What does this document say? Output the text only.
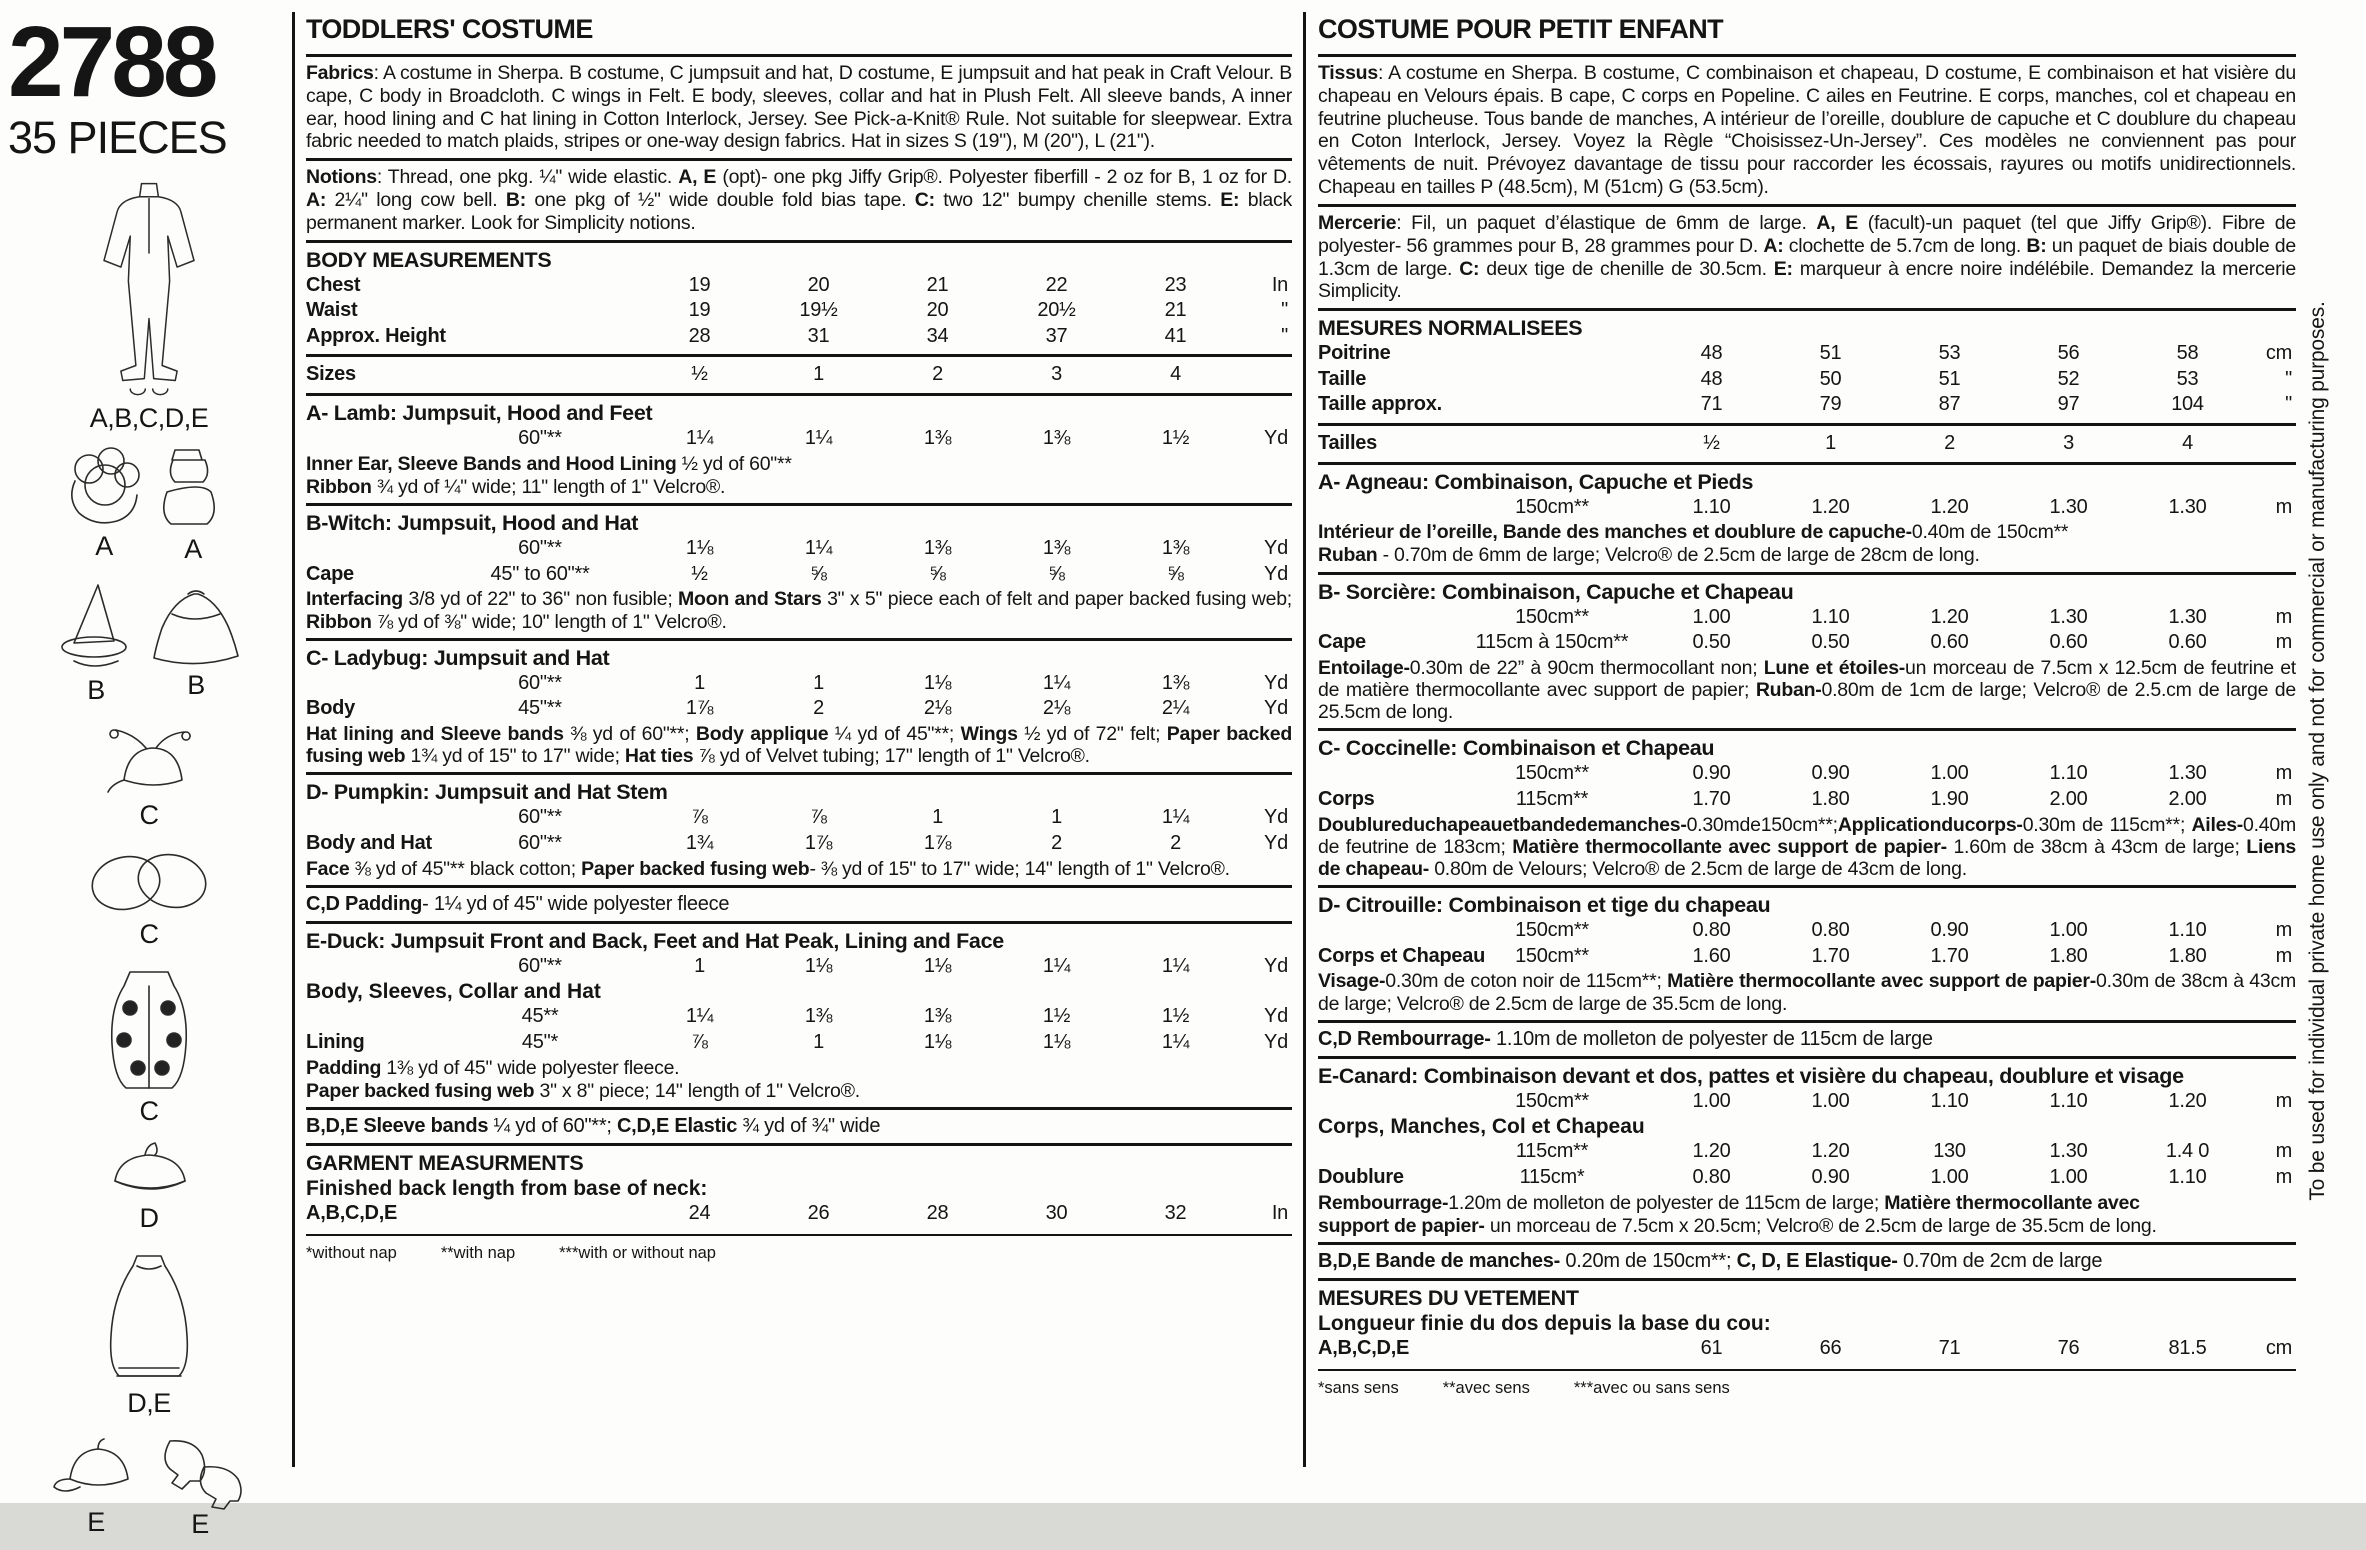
2788
35 PIECES
A,B,C,D,E
A	A
B	B
C
C
C
D
D,E
E	E
TODDLERS' COSTUME

Fabrics: A costume in Sherpa. B costume, C jumpsuit and hat, D costume, E jumpsuit and hat peak in Craft Velour. B cape, C body in Broadcloth. C wings in Felt. E body, sleeves, collar and hat in Plush Felt. All sleeve bands, A inner ear, hood lining and C hat lining in Cotton Interlock, Jersey. See Pick-a-Knit® Rule. Not suitable for sleepwear. Extra fabric needed to match plaids, stripes or one-way design fabrics. Hat in sizes S (19"), M (20"), L (21").

Notions: Thread, one pkg. ¼" wide elastic. A, E (opt)- one pkg Jiffy Grip®. Polyester fiberfill - 2 oz for B, 1 oz for D. A: 2¼" long cow bell. B: one pkg of ½" wide double fold bias tape. C: two 12" bumpy chenille stems. E: black permanent marker. Look for Simplicity notions.

BODY MEASUREMENTS
Chest	19	20	21	22	23	In
Waist	19	19½	20	20½	21	"
Approx. Height	28	31	34	37	41	"
Sizes	½	1	2	3	4
A- Lamb: Jumpsuit, Hood and Feet
60"**	1¼	1¼	1⅜	1⅜	1½	Yd

Inner Ear, Sleeve Bands and Hood Lining ½ yd of 60"**

Ribbon ¾ yd of ¼" wide; 11" length of 1" Velcro®.

B-Witch: Jumpsuit, Hood and Hat
60"**	1⅛	1¼	1⅜	1⅜	1⅜	Yd
Cape	45" to 60"**	½	⅝	⅝	⅝	⅝	Yd

Interfacing 3/8 yd of 22" to 36" non fusible; Moon and Stars 3" x 5" piece each of felt and paper backed fusing web; Ribbon ⅞ yd of ⅜" wide; 10" length of 1" Velcro®.

C- Ladybug: Jumpsuit and Hat
60"**	1	1	1⅛	1¼	1⅜	Yd
Body	45"**	1⅞	2	2⅛	2⅛	2¼	Yd

Hat lining and Sleeve bands ⅜ yd of 60"**; Body applique ¼ yd of 45"**; Wings ½ yd of 72" felt; Paper backed fusing web 1¾ yd of 15" to 17" wide; Hat ties ⅞ yd of Velvet tubing; 17" length of 1" Velcro®.

D- Pumpkin: Jumpsuit and Hat Stem
60"**	⅞	⅞	1	1	1¼	Yd
Body and Hat	60"**	1¾	1⅞	1⅞	2	2	Yd

Face ⅜ yd of 45"** black cotton; Paper backed fusing web- ⅜ yd of 15" to 17" wide; 14" length of 1" Velcro®.

C,D Padding- 1¼ yd of 45" wide polyester fleece

E-Duck: Jumpsuit Front and Back, Feet and Hat Peak, Lining and Face
60"**	1	1⅛	1⅛	1¼	1¼	Yd
Body, Sleeves, Collar and Hat
45**	1¼	1⅜	1⅜	1½	1½	Yd
Lining	45"*	⅞	1	1⅛	1⅛	1¼	Yd

Padding 1⅜ yd of 45" wide polyester fleece.

Paper backed fusing web 3" x 8" piece; 14" length of 1" Velcro®.

B,D,E Sleeve bands ¼ yd of 60"**; C,D,E Elastic ¾ yd of ¾" wide

GARMENT MEASURMENTS
Finished back length from base of neck:
A,B,C,D,E	24	26	28	30	32	In
*without nap	**with nap	***with or without nap
COSTUME POUR PETIT ENFANT

Tissus: A costume en Sherpa. B costume, C combinaison et chapeau, D costume, E combinaison et hat visière du chapeau en Velours épais. B cape, C corps en Popeline. C ailes en Feutrine. E corps, manches, col et chapeau en feutrine plucheuse. Tous bande de manches, A intérieur de l’oreille, doublure de capuche et C doublure du chapeau en Coton Interlock, Jersey. Voyez la Règle “Choisissez-Un-Jersey”. Ces modèles ne conviennent pas pour vêtements de nuit. Prévoyez davantage de tissu pour raccorder les écossais, rayures ou motifs unidirectionnels. Chapeau en tailles P (48.5cm), M (51cm) G (53.5cm).

Mercerie: Fil, un paquet d’élastique de 6mm de large. A, E (facult)-un paquet (tel que Jiffy Grip®). Fibre de polyester- 56 grammes pour B, 28 grammes pour D. A: clochette de 5.7cm de long. B: un paquet de biais double de 1.3cm de large. C: deux tige de chenille de 30.5cm. E: marqueur à encre noire indélébile. Demandez la mercerie Simplicity.

MESURES NORMALISEES
Poitrine	48	51	53	56	58	cm
Taille	48	50	51	52	53	"
Taille approx.	71	79	87	97	104	"
Tailles	½	1	2	3	4
A- Agneau: Combinaison, Capuche et Pieds
150cm**	1.10	1.20	1.20	1.30	1.30	m

Intérieur de l’oreille, Bande des manches et doublure de capuche-0.40m de 150cm**

Ruban - 0.70m de 6mm de large; Velcro® de 2.5cm de large de 28cm de long.

B- Sorcière: Combinaison, Capuche et Chapeau
150cm**	1.00	1.10	1.20	1.30	1.30	m
Cape	115cm à 150cm**	0.50	0.50	0.60	0.60	0.60	m

Entoilage-0.30m de 22” à 90cm thermocollant non; Lune et étoiles-un morceau de 7.5cm x 12.5cm de feutrine et de matière thermocollante avec support de papier; Ruban-0.80m de 1cm de large; Velcro® de 2.5.cm de large de 25.5cm de long.

C- Coccinelle: Combinaison et Chapeau
150cm**	0.90	0.90	1.00	1.10	1.30	m
Corps	115cm**	1.70	1.80	1.90	2.00	2.00	m

Doublureduchapeauetbandedemanches-0.30mde150cm**;Applicationducorps-0.30m de 115cm**; Ailes-0.40m de feutrine de 183cm; Matière thermocollante avec support de papier- 1.60m de 38cm à 43cm de large; Liens de chapeau- 0.80m de Velours; Velcro® de 2.5cm de large de 43cm de long.

D- Citrouille: Combinaison et tige du chapeau
150cm**	0.80	0.80	0.90	1.00	1.10	m
Corps et Chapeau	150cm**	1.60	1.70	1.70	1.80	1.80	m

Visage-0.30m de coton noir de 115cm**; Matière thermocollante avec support de papier-0.30m de 38cm à 43cm de large; Velcro® de 2.5cm de large de 35.5cm de long.

C,D Rembourrage- 1.10m de molleton de polyester de 115cm de large

E-Canard: Combinaison devant et dos, pattes et visière du chapeau, doublure et visage
150cm**	1.00	1.00	1.10	1.10	1.20	m
Corps, Manches, Col et Chapeau
115cm**	1.20	1.20	130	1.30	1.4 0	m
Doublure	115cm*	0.80	0.90	1.00	1.00	1.10	m

Rembourrage-1.20m de molleton de polyester de 115cm de large; Matière thermocollante avec

support de papier- un morceau de 7.5cm x 20.5cm; Velcro® de 2.5cm de large de 35.5cm de long.

B,D,E Bande de manches- 0.20m de 150cm**; C, D, E Elastique- 0.70m de 2cm de large

MESURES DU VETEMENT
Longueur finie du dos depuis la base du cou:
A,B,C,D,E	61	66	71	76	81.5	cm
*sans sens	**avec sens	***avec ou sans sens
To be used for individual private home use only and not for commercial or manufacturing purposes.
